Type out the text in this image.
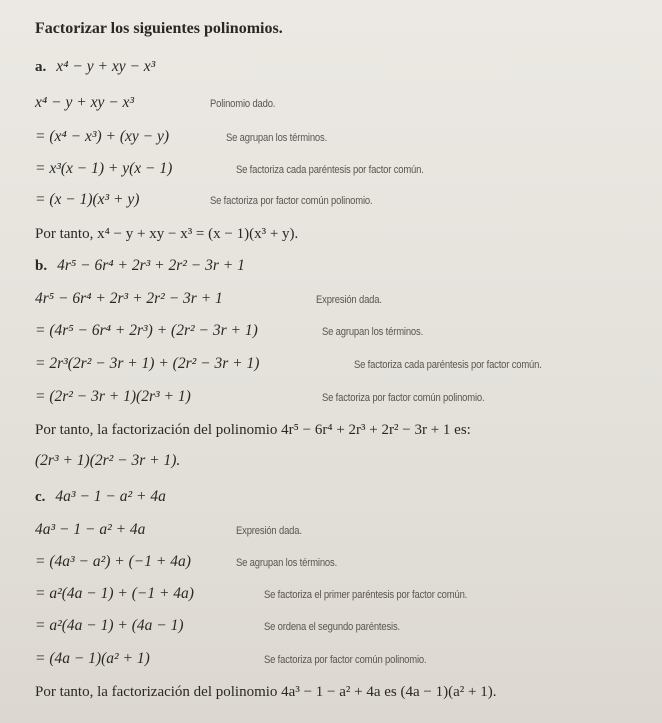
Factorizar los siguientes polinomios.
a. x⁴ − y + xy − x³
x⁴ − y + xy − x³	Polinomio dado.
= (x⁴ − x³) + (xy − y)	Se agrupan los términos.
= x³(x − 1) + y(x − 1)	Se factoriza cada paréntesis por factor común.
= (x − 1)(x³ + y)	Se factoriza por factor común polinomio.
Por tanto, x⁴ − y + xy − x³ = (x − 1)(x³ + y).
b. 4r⁵ − 6r⁴ + 2r³ + 2r² − 3r + 1
4r⁵ − 6r⁴ + 2r³ + 2r² − 3r + 1	Expresión dada.
= (4r⁵ − 6r⁴ + 2r³) + (2r² − 3r + 1)	Se agrupan los términos.
= 2r³(2r² − 3r + 1) + (2r² − 3r + 1)	Se factoriza cada paréntesis por factor común.
= (2r² − 3r + 1)(2r³ + 1)	Se factoriza por factor común polinomio.
Por tanto, la factorización del polinomio 4r⁵ − 6r⁴ + 2r³ + 2r² − 3r + 1 es:
(2r³ + 1)(2r² − 3r + 1).
c. 4a³ − 1 − a² + 4a
4a³ − 1 − a² + 4a	Expresión dada.
= (4a³ − a²) + (−1 + 4a)	Se agrupan los términos.
= a²(4a − 1) + (−1 + 4a)	Se factoriza el primer paréntesis por factor común.
= a²(4a − 1) + (4a − 1)	Se ordena el segundo paréntesis.
= (4a − 1)(a² + 1)	Se factoriza por factor común polinomio.
Por tanto, la factorización del polinomio 4a³ − 1 − a² + 4a es (4a − 1)(a² + 1).
